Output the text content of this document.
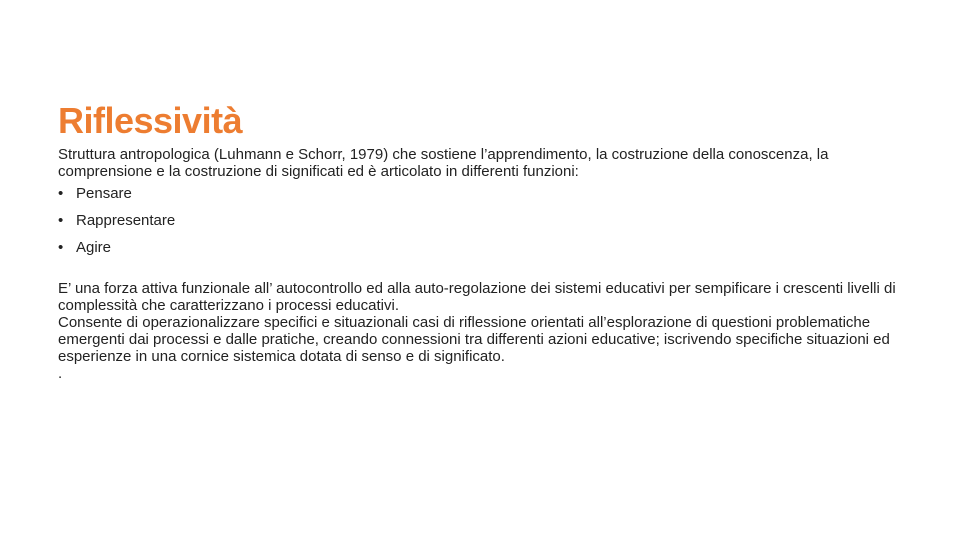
Riflessività

Struttura antropologica (Luhmann e Schorr, 1979) che sostiene l’apprendimento, la costruzione della conoscenza, la comprensione e la costruzione di significati ed è articolato in differenti funzioni:

• Pensare
• Rappresentare
• Agire

E’ una forza attiva funzionale all’ autocontrollo ed alla auto-regolazione dei sistemi educativi per sempificare i crescenti livelli di complessità che caratterizzano i processi educativi.

Consente di operazionalizzare specifici e situazionali casi di riflessione orientati all’esplorazione di questioni problematiche emergenti dai processi e dalle pratiche, creando connessioni tra differenti azioni educative; iscrivendo specifiche situazioni ed esperienze in una cornice sistemica dotata di senso e di significato.

.
